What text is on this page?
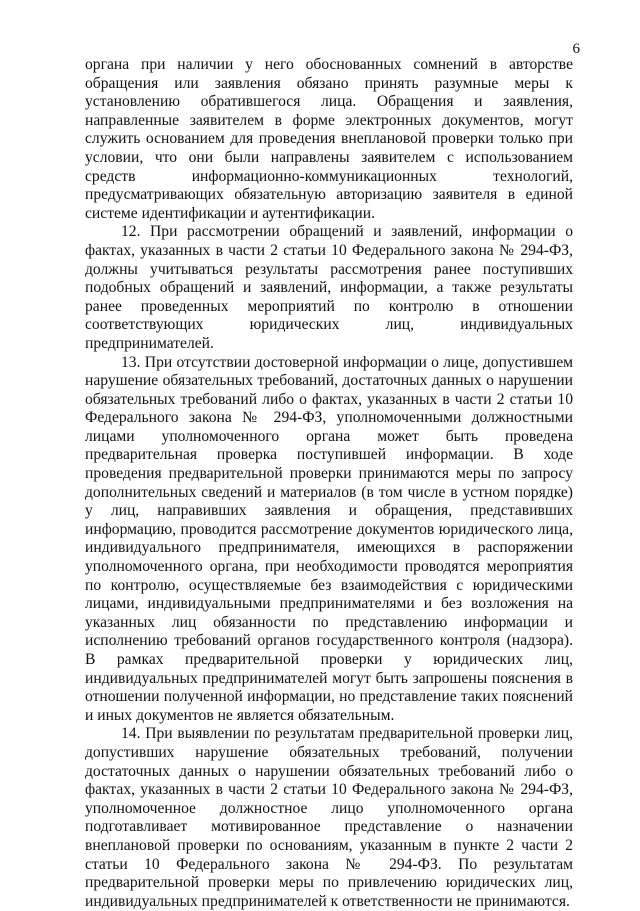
6

органа при наличии у него обоснованных сомнений в авторстве обращения или заявления обязано принять разумные меры к установлению обратившегося лица. Обращения и заявления, направленные заявителем в форме электронных документов, могут служить основанием для проведения внеплановой проверки только при условии, что они были направлены заявителем с использованием средств информационно-коммуникационных технологий, предусматривающих обязательную авторизацию заявителя в единой системе идентификации и аутентификации.

12. При рассмотрении обращений и заявлений, информации о фактах, указанных в части 2 статьи 10 Федерального закона № 294-ФЗ, должны учитываться результаты рассмотрения ранее поступивших подобных обращений и заявлений, информации, а также результаты ранее проведенных мероприятий по контролю в отношении соответствующих юридических лиц, индивидуальных предпринимателей.

13. При отсутствии достоверной информации о лице, допустившем нарушение обязательных требований, достаточных данных о нарушении обязательных требований либо о фактах, указанных в части 2 статьи 10 Федерального закона № 294-ФЗ, уполномоченными должностными лицами уполномоченного органа может быть проведена предварительная проверка поступившей информации. В ходе проведения предварительной проверки принимаются меры по запросу дополнительных сведений и материалов (в том числе в устном порядке) у лиц, направивших заявления и обращения, представивших информацию, проводится рассмотрение документов юридического лица, индивидуального предпринимателя, имеющихся в распоряжении уполномоченного органа, при необходимости проводятся мероприятия по контролю, осуществляемые без взаимодействия с юридическими лицами, индивидуальными предпринимателями и без возложения на указанных лиц обязанности по представлению информации и исполнению требований органов государственного контроля (надзора). В рамках предварительной проверки у юридических лиц, индивидуальных предпринимателей могут быть запрошены пояснения в отношении полученной информации, но представление таких пояснений и иных документов не является обязательным.

14. При выявлении по результатам предварительной проверки лиц, допустивших нарушение обязательных требований, получении достаточных данных о нарушении обязательных требований либо о фактах, указанных в части 2 статьи 10 Федерального закона № 294-ФЗ, уполномоченное должностное лицо уполномоченного органа подготавливает мотивированное представление о назначении внеплановой проверки по основаниям, указанным в пункте 2 части 2 статьи 10 Федерального закона № 294-ФЗ. По результатам предварительной проверки меры по привлечению юридических лиц, индивидуальных предпринимателей к ответственности не принимаются.
